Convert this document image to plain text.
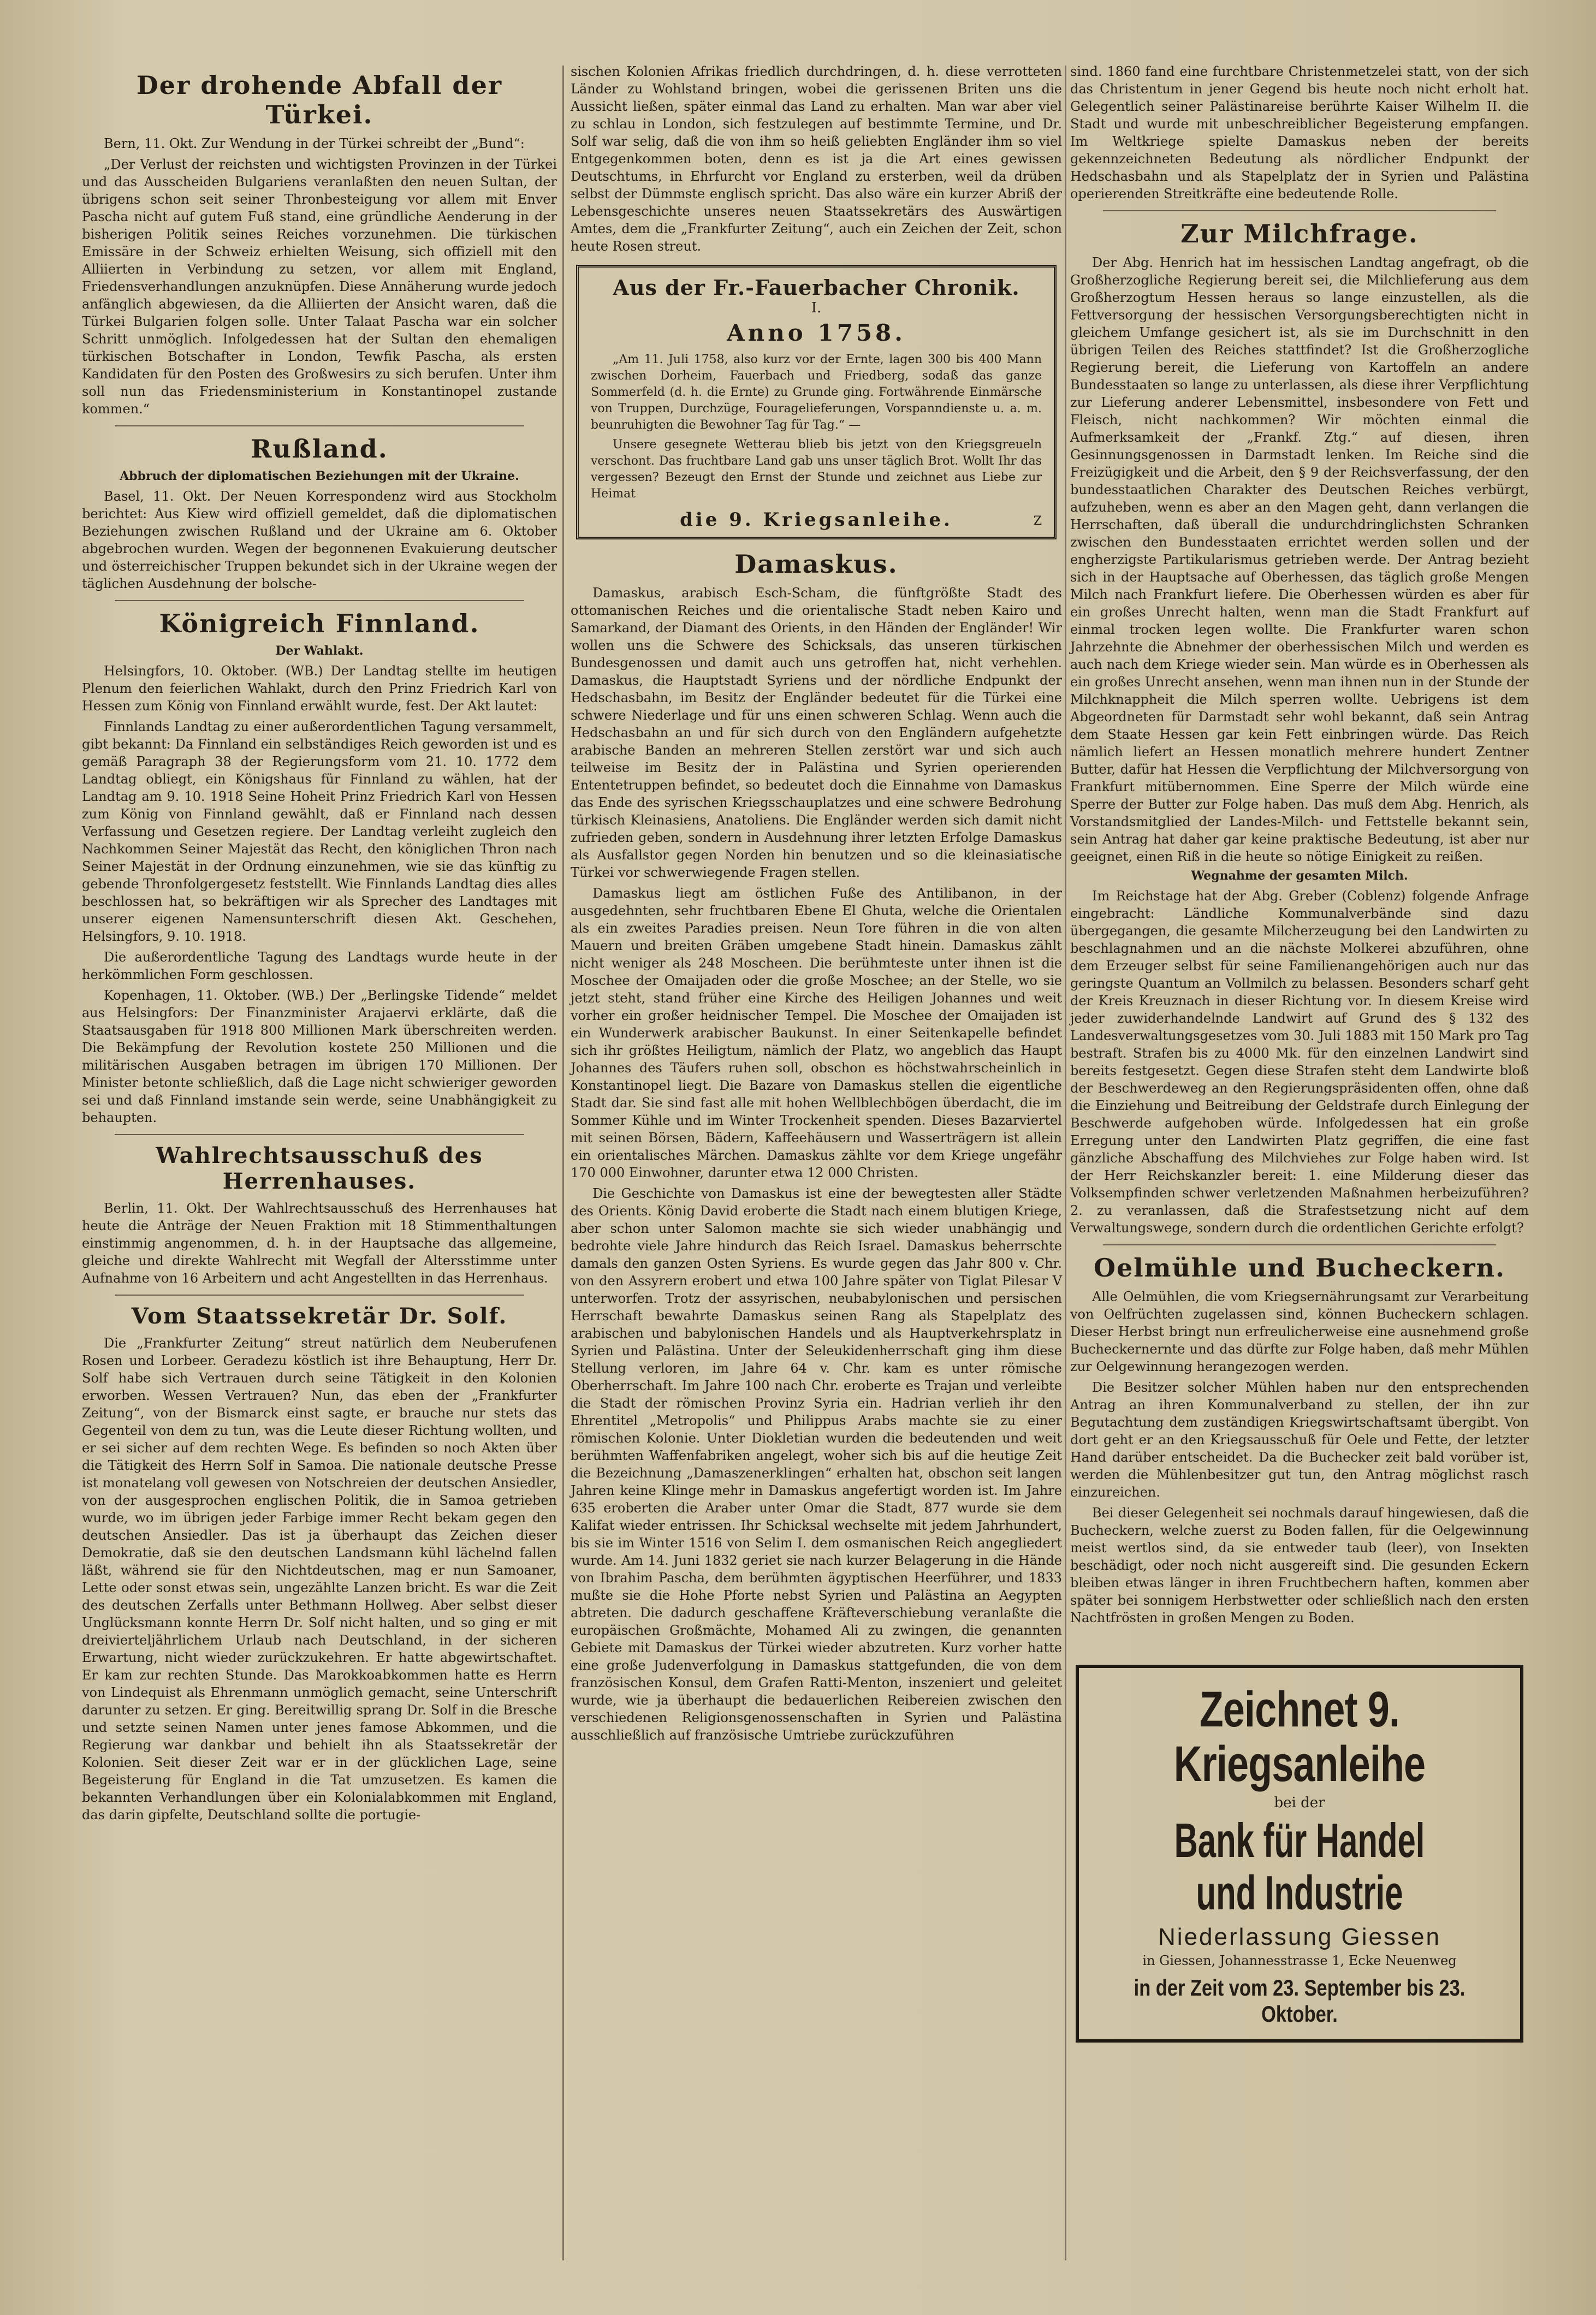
Der drohende Abfall der Türkei.

Bern, 11. Okt. Zur Wendung in der Türkei schreibt der „Bund“:

„Der Verlust der reichsten und wichtigsten Provinzen in der Türkei und das Ausscheiden Bulgariens veranlaßten den neuen Sultan, der übrigens schon seit seiner Thronbesteigung vor allem mit Enver Pascha nicht auf gutem Fuß stand, eine gründliche Aenderung in der bisherigen Politik seines Reiches vorzunehmen. Die türkischen Emissäre in der Schweiz erhielten Weisung, sich offiziell mit den Alliierten in Verbindung zu setzen, vor allem mit England, Friedensverhandlungen anzuknüpfen. Diese Annäherung wurde jedoch anfänglich abgewiesen, da die Alliierten der Ansicht waren, daß die Türkei Bulgarien folgen solle. Unter Talaat Pascha war ein solcher Schritt unmöglich. Infolgedessen hat der Sultan den ehemaligen türkischen Botschafter in London, Tewfik Pascha, als ersten Kandidaten für den Posten des Großwesirs zu sich berufen. Unter ihm soll nun das Friedensministerium in Konstantinopel zustande kommen.“

Rußland.
Abbruch der diplomatischen Beziehungen mit der Ukraine.

Basel, 11. Okt. Der Neuen Korrespondenz wird aus Stockholm berichtet: Aus Kiew wird offiziell gemeldet, daß die diplomatischen Beziehungen zwischen Rußland und der Ukraine am 6. Oktober abgebrochen wurden. Wegen der begonnenen Evakuierung deutscher und österreichischer Truppen bekundet sich in der Ukraine wegen der täglichen Ausdehnung der bolsche-

Königreich Finnland.
Der Wahlakt.

Helsingfors, 10. Oktober. (WB.) Der Landtag stellte im heutigen Plenum den feierlichen Wahlakt, durch den Prinz Friedrich Karl von Hessen zum König von Finnland erwählt wurde, fest. Der Akt lautet:

Finnlands Landtag zu einer außerordentlichen Tagung versammelt, gibt bekannt: Da Finnland ein selbständiges Reich geworden ist und es gemäß Paragraph 38 der Regierungsform vom 21. 10. 1772 dem Landtag obliegt, ein Königshaus für Finnland zu wählen, hat der Landtag am 9. 10. 1918 Seine Hoheit Prinz Friedrich Karl von Hessen zum König von Finnland gewählt, daß er Finnland nach dessen Verfassung und Gesetzen regiere. Der Landtag verleiht zugleich den Nachkommen Seiner Majestät das Recht, den königlichen Thron nach Seiner Majestät in der Ordnung einzunehmen, wie sie das künftig zu gebende Thronfolgergesetz feststellt. Wie Finnlands Landtag dies alles beschlossen hat, so bekräftigen wir als Sprecher des Landtages mit unserer eigenen Namensunterschrift diesen Akt. Geschehen, Helsingfors, 9. 10. 1918.

Die außerordentliche Tagung des Landtags wurde heute in der herkömmlichen Form geschlossen.

Kopenhagen, 11. Oktober. (WB.) Der „Berlingske Tidende“ meldet aus Helsingfors: Der Finanzminister Arajaervi erklärte, daß die Staatsausgaben für 1918 800 Millionen Mark überschreiten werden. Die Bekämpfung der Revolution kostete 250 Millionen und die militärischen Ausgaben betragen im übrigen 170 Millionen. Der Minister betonte schließlich, daß die Lage nicht schwieriger geworden sei und daß Finnland imstande sein werde, seine Unabhängigkeit zu behaupten.

Wahlrechtsausschuß des Herrenhauses.

Berlin, 11. Okt. Der Wahlrechtsausschuß des Herrenhauses hat heute die Anträge der Neuen Fraktion mit 18 Stimmenthaltungen einstimmig angenommen, d. h. in der Hauptsache das allgemeine, gleiche und direkte Wahlrecht mit Wegfall der Altersstimme unter Aufnahme von 16 Arbeitern und acht Angestellten in das Herrenhaus.

Vom Staatssekretär Dr. Solf.

Die „Frankfurter Zeitung“ streut natürlich dem Neuberufenen Rosen und Lorbeer. Geradezu köstlich ist ihre Behauptung, Herr Dr. Solf habe sich Vertrauen durch seine Tätigkeit in den Kolonien erworben. Wessen Vertrauen? Nun, das eben der „Frankfurter Zeitung“, von der Bismarck einst sagte, er brauche nur stets das Gegenteil von dem zu tun, was die Leute dieser Richtung wollten, und er sei sicher auf dem rechten Wege. Es befinden so noch Akten über die Tätigkeit des Herrn Solf in Samoa. Die nationale deutsche Presse ist monatelang voll gewesen von Notschreien der deutschen Ansiedler, von der ausgesprochen englischen Politik, die in Samoa getrieben wurde, wo im übrigen jeder Farbige immer Recht bekam gegen den deutschen Ansiedler. Das ist ja überhaupt das Zeichen dieser Demokratie, daß sie den deutschen Landsmann kühl lächelnd fallen läßt, während sie für den Nichtdeutschen, mag er nun Samoaner, Lette oder sonst etwas sein, ungezählte Lanzen bricht. Es war die Zeit des deutschen Zerfalls unter Bethmann Hollweg. Aber selbst dieser Unglücksmann konnte Herrn Dr. Solf nicht halten, und so ging er mit dreivierteljährlichem Urlaub nach Deutschland, in der sicheren Erwartung, nicht wieder zurückzukehren. Er hatte abgewirtschaftet. Er kam zur rechten Stunde. Das Marokkoabkommen hatte es Herrn von Lindequist als Ehrenmann unmöglich gemacht, seine Unterschrift darunter zu setzen. Er ging. Bereitwillig sprang Dr. Solf in die Bresche und setzte seinen Namen unter jenes famose Abkommen, und die Regierung war dankbar und behielt ihn als Staatssekretär der Kolonien. Seit dieser Zeit war er in der glücklichen Lage, seine Begeisterung für England in die Tat umzusetzen. Es kamen die bekannten Verhandlungen über ein Kolonialabkommen mit England, das darin gipfelte, Deutschland sollte die portugie-

sischen Kolonien Afrikas friedlich durchdringen, d. h. diese verrotteten Länder zu Wohlstand bringen, wobei die gerissenen Briten uns die Aussicht ließen, später einmal das Land zu erhalten. Man war aber viel zu schlau in London, sich festzulegen auf bestimmte Termine, und Dr. Solf war selig, daß die von ihm so heiß geliebten Engländer ihm so viel Entgegenkommen boten, denn es ist ja die Art eines gewissen Deutschtums, in Ehrfurcht vor England zu ersterben, weil da drüben selbst der Dümmste englisch spricht. Das also wäre ein kurzer Abriß der Lebensgeschichte unseres neuen Staatssekretärs des Auswärtigen Amtes, dem die „Frankfurter Zeitung“, auch ein Zeichen der Zeit, schon heute Rosen streut.

Aus der Fr.-Fauerbacher Chronik.
I.
Anno 1758.

„Am 11. Juli 1758, also kurz vor der Ernte, lagen 300 bis 400 Mann zwischen Dorheim, Fauerbach und Friedberg, sodaß das ganze Sommerfeld (d. h. die Ernte) zu Grunde ging. Fortwährende Einmärsche von Truppen, Durchzüge, Fouragelieferungen, Vorspanndienste u. a. m. beunruhigten die Bewohner Tag für Tag.“ —

Unsere gesegnete Wetterau blieb bis jetzt von den Kriegsgreueln verschont. Das fruchtbare Land gab uns unser täglich Brot. Wollt Ihr das vergessen? Bezeugt den Ernst der Stunde und zeichnet aus Liebe zur Heimat

die 9. Kriegsanleihe.	Z
Damaskus.

Damaskus, arabisch Esch-Scham, die fünftgrößte Stadt des ottomanischen Reiches und die orientalische Stadt neben Kairo und Samarkand, der Diamant des Orients, in den Händen der Engländer! Wir wollen uns die Schwere des Schicksals, das unseren türkischen Bundesgenossen und damit auch uns getroffen hat, nicht verhehlen. Damaskus, die Hauptstadt Syriens und der nördliche Endpunkt der Hedschasbahn, im Besitz der Engländer bedeutet für die Türkei eine schwere Niederlage und für uns einen schweren Schlag. Wenn auch die Hedschasbahn an und für sich durch von den Engländern aufgehetzte arabische Banden an mehreren Stellen zerstört war und sich auch teilweise im Besitz der in Palästina und Syrien operierenden Ententetruppen befindet, so bedeutet doch die Einnahme von Damaskus das Ende des syrischen Kriegsschauplatzes und eine schwere Bedrohung türkisch Kleinasiens, Anatoliens. Die Engländer werden sich damit nicht zufrieden geben, sondern in Ausdehnung ihrer letzten Erfolge Damaskus als Ausfallstor gegen Norden hin benutzen und so die kleinasiatische Türkei vor schwerwiegende Fragen stellen.

Damaskus liegt am östlichen Fuße des Antilibanon, in der ausgedehnten, sehr fruchtbaren Ebene El Ghuta, welche die Orientalen als ein zweites Paradies preisen. Neun Tore führen in die von alten Mauern und breiten Gräben umgebene Stadt hinein. Damaskus zählt nicht weniger als 248 Moscheen. Die berühmteste unter ihnen ist die Moschee der Omaijaden oder die große Moschee; an der Stelle, wo sie jetzt steht, stand früher eine Kirche des Heiligen Johannes und weit vorher ein großer heidnischer Tempel. Die Moschee der Omaijaden ist ein Wunderwerk arabischer Baukunst. In einer Seitenkapelle befindet sich ihr größtes Heiligtum, nämlich der Platz, wo angeblich das Haupt Johannes des Täufers ruhen soll, obschon es höchstwahrscheinlich in Konstantinopel liegt. Die Bazare von Damaskus stellen die eigentliche Stadt dar. Sie sind fast alle mit hohen Wellblechbögen überdacht, die im Sommer Kühle und im Winter Trockenheit spenden. Dieses Bazarviertel mit seinen Börsen, Bädern, Kaffeehäusern und Wasserträgern ist allein ein orientalisches Märchen. Damaskus zählte vor dem Kriege ungefähr 170 000 Einwohner, darunter etwa 12 000 Christen.

Die Geschichte von Damaskus ist eine der bewegtesten aller Städte des Orients. König David eroberte die Stadt nach einem blutigen Kriege, aber schon unter Salomon machte sie sich wieder unabhängig und bedrohte viele Jahre hindurch das Reich Israel. Damaskus beherrschte damals den ganzen Osten Syriens. Es wurde gegen das Jahr 800 v. Chr. von den Assyrern erobert und etwa 100 Jahre später von Tiglat Pilesar V unterworfen. Trotz der assyrischen, neubabylonischen und persischen Herrschaft bewahrte Damaskus seinen Rang als Stapelplatz des arabischen und babylonischen Handels und als Hauptverkehrsplatz in Syrien und Palästina. Unter der Seleukidenherrschaft ging ihm diese Stellung verloren, im Jahre 64 v. Chr. kam es unter römische Oberherrschaft. Im Jahre 100 nach Chr. eroberte es Trajan und verleibte die Stadt der römischen Provinz Syria ein. Hadrian verlieh ihr den Ehrentitel „Metropolis“ und Philippus Arabs machte sie zu einer römischen Kolonie. Unter Diokletian wurden die bedeutenden und weit berühmten Waffenfabriken angelegt, woher sich bis auf die heutige Zeit die Bezeichnung „Damaszenerklingen“ erhalten hat, obschon seit langen Jahren keine Klinge mehr in Damaskus angefertigt worden ist. Im Jahre 635 eroberten die Araber unter Omar die Stadt, 877 wurde sie dem Kalifat wieder entrissen. Ihr Schicksal wechselte mit jedem Jahrhundert, bis sie im Winter 1516 von Selim I. dem osmanischen Reich angegliedert wurde. Am 14. Juni 1832 geriet sie nach kurzer Belagerung in die Hände von Ibrahim Pascha, dem berühmten ägyptischen Heerführer, und 1833 mußte sie die Hohe Pforte nebst Syrien und Palästina an Aegypten abtreten. Die dadurch geschaffene Kräfteverschiebung veranlaßte die europäischen Großmächte, Mohamed Ali zu zwingen, die genannten Gebiete mit Damaskus der Türkei wieder abzutreten. Kurz vorher hatte eine große Judenverfolgung in Damaskus stattgefunden, die von dem französischen Konsul, dem Grafen Ratti-Menton, inszeniert und geleitet wurde, wie ja überhaupt die bedauerlichen Reibereien zwischen den verschiedenen Religionsgenossenschaften in Syrien und Palästina ausschließlich auf französische Umtriebe zurückzuführen

sind. 1860 fand eine furchtbare Christenmetzelei statt, von der sich das Christentum in jener Gegend bis heute noch nicht erholt hat. Gelegentlich seiner Palästinareise berührte Kaiser Wilhelm II. die Stadt und wurde mit unbeschreiblicher Begeisterung empfangen. Im Weltkriege spielte Damaskus neben der bereits gekennzeichneten Bedeutung als nördlicher Endpunkt der Hedschasbahn und als Stapelplatz der in Syrien und Palästina operierenden Streitkräfte eine bedeutende Rolle.

Zur Milchfrage.

Der Abg. Henrich hat im hessischen Landtag angefragt, ob die Großherzogliche Regierung bereit sei, die Milchlieferung aus dem Großherzogtum Hessen heraus so lange einzustellen, als die Fettversorgung der hessischen Versorgungsberechtigten nicht in gleichem Umfange gesichert ist, als sie im Durchschnitt in den übrigen Teilen des Reiches stattfindet? Ist die Großherzogliche Regierung bereit, die Lieferung von Kartoffeln an andere Bundesstaaten so lange zu unterlassen, als diese ihrer Verpflichtung zur Lieferung anderer Lebensmittel, insbesondere von Fett und Fleisch, nicht nachkommen? Wir möchten einmal die Aufmerksamkeit der „Frankf. Ztg.“ auf diesen, ihren Gesinnungsgenossen in Darmstadt lenken. Im Reiche sind die Freizügigkeit und die Arbeit, den § 9 der Reichsverfassung, der den bundesstaatlichen Charakter des Deutschen Reiches verbürgt, aufzuheben, wenn es aber an den Magen geht, dann verlangen die Herrschaften, daß überall die undurchdringlichsten Schranken zwischen den Bundesstaaten errichtet werden sollen und der engherzigste Partikularismus getrieben werde. Der Antrag bezieht sich in der Hauptsache auf Oberhessen, das täglich große Mengen Milch nach Frankfurt liefere. Die Oberhessen würden es aber für ein großes Unrecht halten, wenn man die Stadt Frankfurt auf einmal trocken legen wollte. Die Frankfurter waren schon Jahrzehnte die Abnehmer der oberhessischen Milch und werden es auch nach dem Kriege wieder sein. Man würde es in Oberhessen als ein großes Unrecht ansehen, wenn man ihnen nun in der Stunde der Milchknappheit die Milch sperren wollte. Uebrigens ist dem Abgeordneten für Darmstadt sehr wohl bekannt, daß sein Antrag dem Staate Hessen gar kein Fett einbringen würde. Das Reich nämlich liefert an Hessen monatlich mehrere hundert Zentner Butter, dafür hat Hessen die Verpflichtung der Milchversorgung von Frankfurt mitübernommen. Eine Sperre der Milch würde eine Sperre der Butter zur Folge haben. Das muß dem Abg. Henrich, als Vorstandsmitglied der Landes-Milch- und Fettstelle bekannt sein, sein Antrag hat daher gar keine praktische Bedeutung, ist aber nur geeignet, einen Riß in die heute so nötige Einigkeit zu reißen.

Wegnahme der gesamten Milch.

Im Reichstage hat der Abg. Greber (Coblenz) folgende Anfrage eingebracht: Ländliche Kommunalverbände sind dazu übergegangen, die gesamte Milcherzeugung bei den Landwirten zu beschlagnahmen und an die nächste Molkerei abzuführen, ohne dem Erzeuger selbst für seine Familienangehörigen auch nur das geringste Quantum an Vollmilch zu belassen. Besonders scharf geht der Kreis Kreuznach in dieser Richtung vor. In diesem Kreise wird jeder zuwiderhandelnde Landwirt auf Grund des § 132 des Landesverwaltungsgesetzes vom 30. Juli 1883 mit 150 Mark pro Tag bestraft. Strafen bis zu 4000 Mk. für den einzelnen Landwirt sind bereits festgesetzt. Gegen diese Strafen steht dem Landwirte bloß der Beschwerdeweg an den Regierungspräsidenten offen, ohne daß die Einziehung und Beitreibung der Geldstrafe durch Einlegung der Beschwerde aufgehoben würde. Infolgedessen hat ein große Erregung unter den Landwirten Platz gegriffen, die eine fast gänzliche Abschaffung des Milchviehes zur Folge haben wird. Ist der Herr Reichskanzler bereit: 1. eine Milderung dieser das Volksempfinden schwer verletzenden Maßnahmen herbeizuführen? 2. zu veranlassen, daß die Strafestsetzung nicht auf dem Verwaltungswege, sondern durch die ordentlichen Gerichte erfolgt?

Oelmühle und Bucheckern.

Alle Oelmühlen, die vom Kriegsernährungsamt zur Verarbeitung von Oelfrüchten zugelassen sind, können Bucheckern schlagen. Dieser Herbst bringt nun erfreulicherweise eine ausnehmend große Bucheckernernte und das dürfte zur Folge haben, daß mehr Mühlen zur Oelgewinnung herangezogen werden.

Die Besitzer solcher Mühlen haben nur den entsprechenden Antrag an ihren Kommunalverband zu stellen, der ihn zur Begutachtung dem zuständigen Kriegswirtschaftsamt übergibt. Von dort geht er an den Kriegsausschuß für Oele und Fette, der letzter Hand darüber entscheidet. Da die Buchecker zeit bald vorüber ist, werden die Mühlenbesitzer gut tun, den Antrag möglichst rasch einzureichen.

Bei dieser Gelegenheit sei nochmals darauf hingewiesen, daß die Bucheckern, welche zuerst zu Boden fallen, für die Oelgewinnung meist wertlos sind, da sie entweder taub (leer), von Insekten beschädigt, oder noch nicht ausgereift sind. Die gesunden Eckern bleiben etwas länger in ihren Fruchtbechern haften, kommen aber später bei sonnigem Herbstwetter oder schließlich nach den ersten Nachtfrösten in großen Mengen zu Boden.

Zeichnet 9. Kriegsanleihe
bei der
Bank für Handel und Industrie
Niederlassung Giessen
in Giessen, Johannesstrasse 1, Ecke Neuenweg
in der Zeit vom 23. September bis 23. Oktober.
